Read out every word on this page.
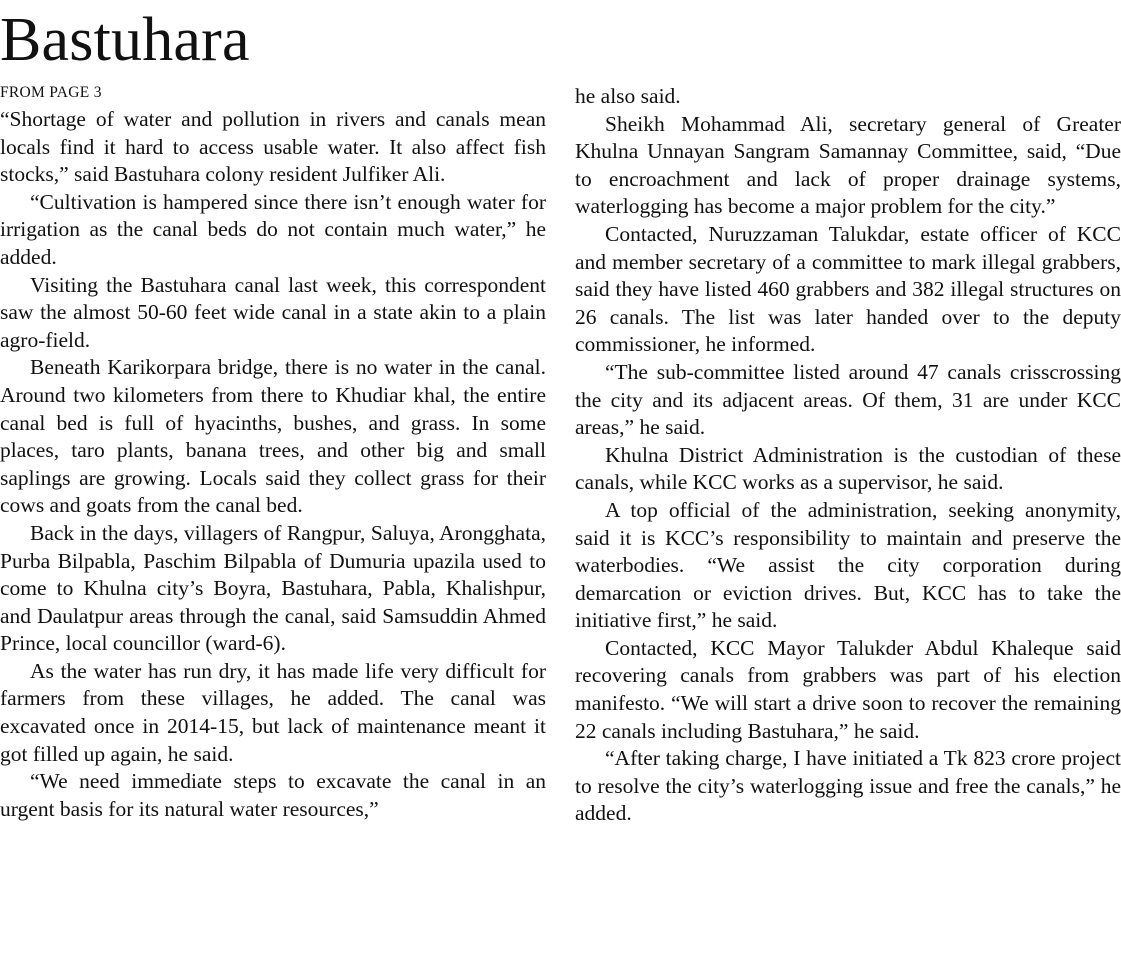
Bastuhara
FROM PAGE 3

“Shortage of water and pollution in rivers and canals mean locals find it hard to access usable water. It also affect fish stocks,” said Bastuhara colony resident Julfiker Ali.

“Cultivation is hampered since there isn’t enough water for irrigation as the canal beds do not contain much water,” he added.

Visiting the Bastuhara canal last week, this correspondent saw the almost 50-60 feet wide canal in a state akin to a plain agro-field.

Beneath Karikorpara bridge, there is no water in the canal. Around two kilometers from there to Khudiar khal, the entire canal bed is full of hyacinths, bushes, and grass. In some places, taro plants, banana trees, and other big and small saplings are growing. Locals said they collect grass for their cows and goats from the canal bed.

Back in the days, villagers of Rangpur, Saluya, Arongghata, Purba Bilpabla, Paschim Bilpabla of Dumuria upazila used to come to Khulna city’s Boyra, Bastuhara, Pabla, Khalishpur, and Daulatpur areas through the canal, said Samsuddin Ahmed Prince, local councillor (ward-6).

As the water has run dry, it has made life very difficult for farmers from these villages, he added. The canal was excavated once in 2014-15, but lack of maintenance meant it got filled up again, he said.

“We need immediate steps to excavate the canal in an urgent basis for its natural water resources,”

he also said.

Sheikh Mohammad Ali, secretary general of Greater Khulna Unnayan Sangram Samannay Committee, said, “Due to encroachment and lack of proper drainage systems, waterlogging has become a major problem for the city.”

Contacted, Nuruzzaman Talukdar, estate officer of KCC and member secretary of a committee to mark illegal grabbers, said they have listed 460 grabbers and 382 illegal structures on 26 canals. The list was later handed over to the deputy commissioner, he informed.

“The sub-committee listed around 47 canals crisscrossing the city and its adjacent areas. Of them, 31 are under KCC areas,” he said.

Khulna District Administration is the custodian of these canals, while KCC works as a supervisor, he said.

A top official of the administration, seeking anonymity, said it is KCC’s responsibility to maintain and preserve the waterbodies. “We assist the city corporation during demarcation or eviction drives. But, KCC has to take the initiative first,” he said.

Contacted, KCC Mayor Talukder Abdul Khaleque said recovering canals from grabbers was part of his election manifesto. “We will start a drive soon to recover the remaining 22 canals including Bastuhara,” he said.

“After taking charge, I have initiated a Tk 823 crore project to resolve the city’s waterlogging issue and free the canals,” he added.
